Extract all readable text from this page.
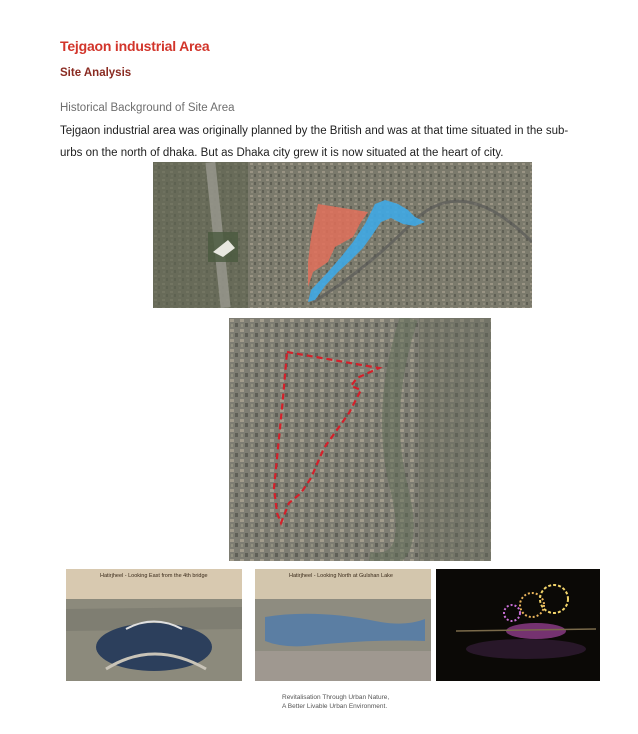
Tejgaon industrial Area
Site Analysis
Historical Background of Site Area
Tejgaon industrial area was originally planned by the British and was at that time situated in the sub-
urbs on the north of dhaka. But as Dhaka city grew it is now situated at the heart of city.
Hatirjheel - Looking East from the 4th bridge	Hatirjheel - Looking North at Gulshan Lake
Revitalisation Through Urban Nature,
A Better Livable Urban Environment.
